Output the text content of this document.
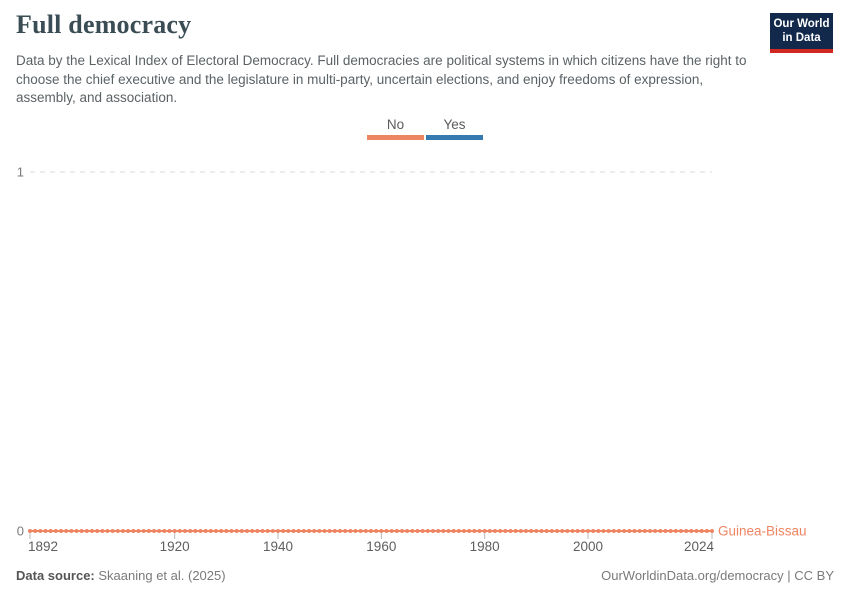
Full democracy	Our World
in Data

Data by the Lexical Index of Electoral Democracy. Full democracies are political systems in which citizens have the right to choose the chief executive and the legislature in multi-party, uncertain elections, and enjoy freedoms of expression, assembly, and association.

No	Yes
0
1
1892	1920	1940	1960	1980	2000	2024
Guinea-Bissau
Data source: Skaaning et al. (2025)	OurWorldinData.org/democracy | CC BY
